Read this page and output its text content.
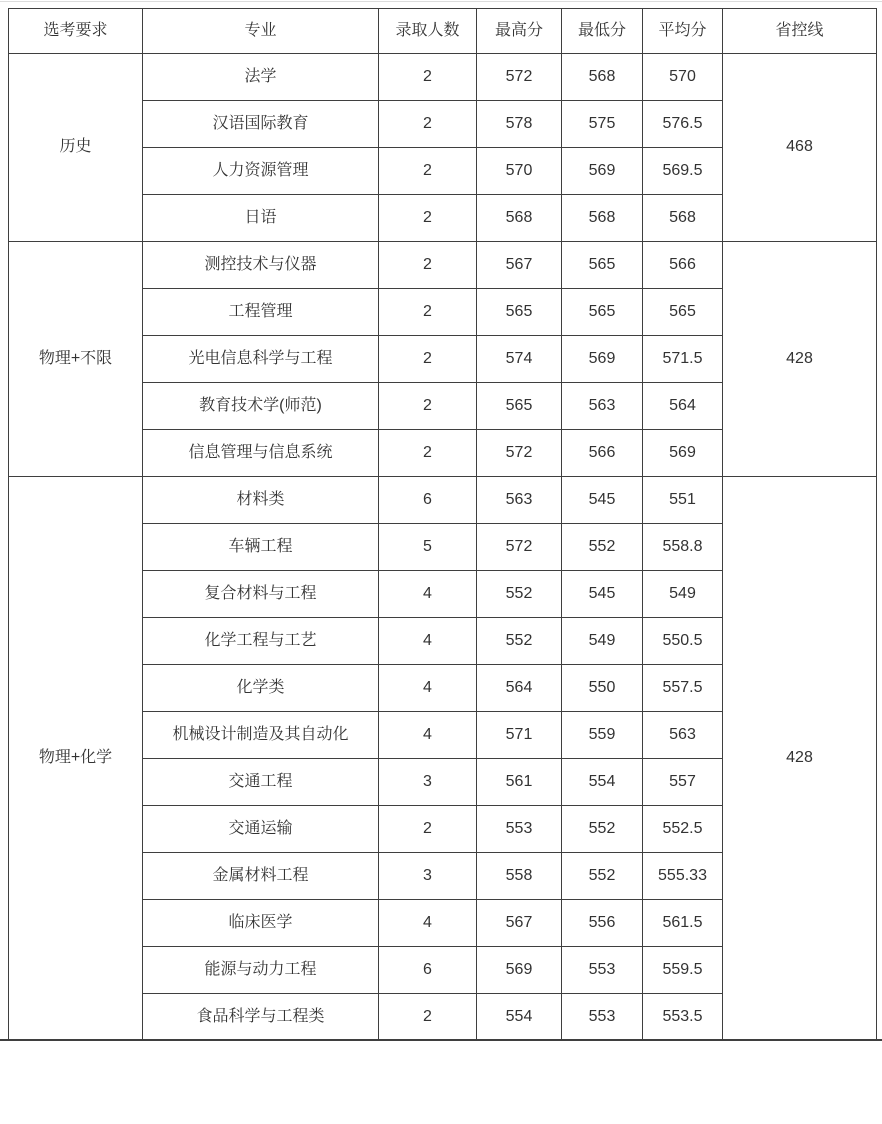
选考要求	专业	录取人数	最高分	最低分	平均分	省控线
历史	法学	2	572	568	570	468
	汉语国际教育	2	578	575	576.5	
	人力资源管理	2	570	569	569.5	
	日语	2	568	568	568	
物理+不限	测控技术与仪器	2	567	565	566	428
	工程管理	2	565	565	565	
	光电信息科学与工程	2	574	569	571.5	
	教育技术学(师范)	2	565	563	564	
	信息管理与信息系统	2	572	566	569	
物理+化学	材料类	6	563	545	551	428
	车辆工程	5	572	552	558.8	
	复合材料与工程	4	552	545	549	
	化学工程与工艺	4	552	549	550.5	
	化学类	4	564	550	557.5	
	机械设计制造及其自动化	4	571	559	563	
	交通工程	3	561	554	557	
	交通运输	2	553	552	552.5	
	金属材料工程	3	558	552	555.33	
	临床医学	4	567	556	561.5	
	能源与动力工程	6	569	553	559.5	
	食品科学与工程类	2	554	553	553.5	
